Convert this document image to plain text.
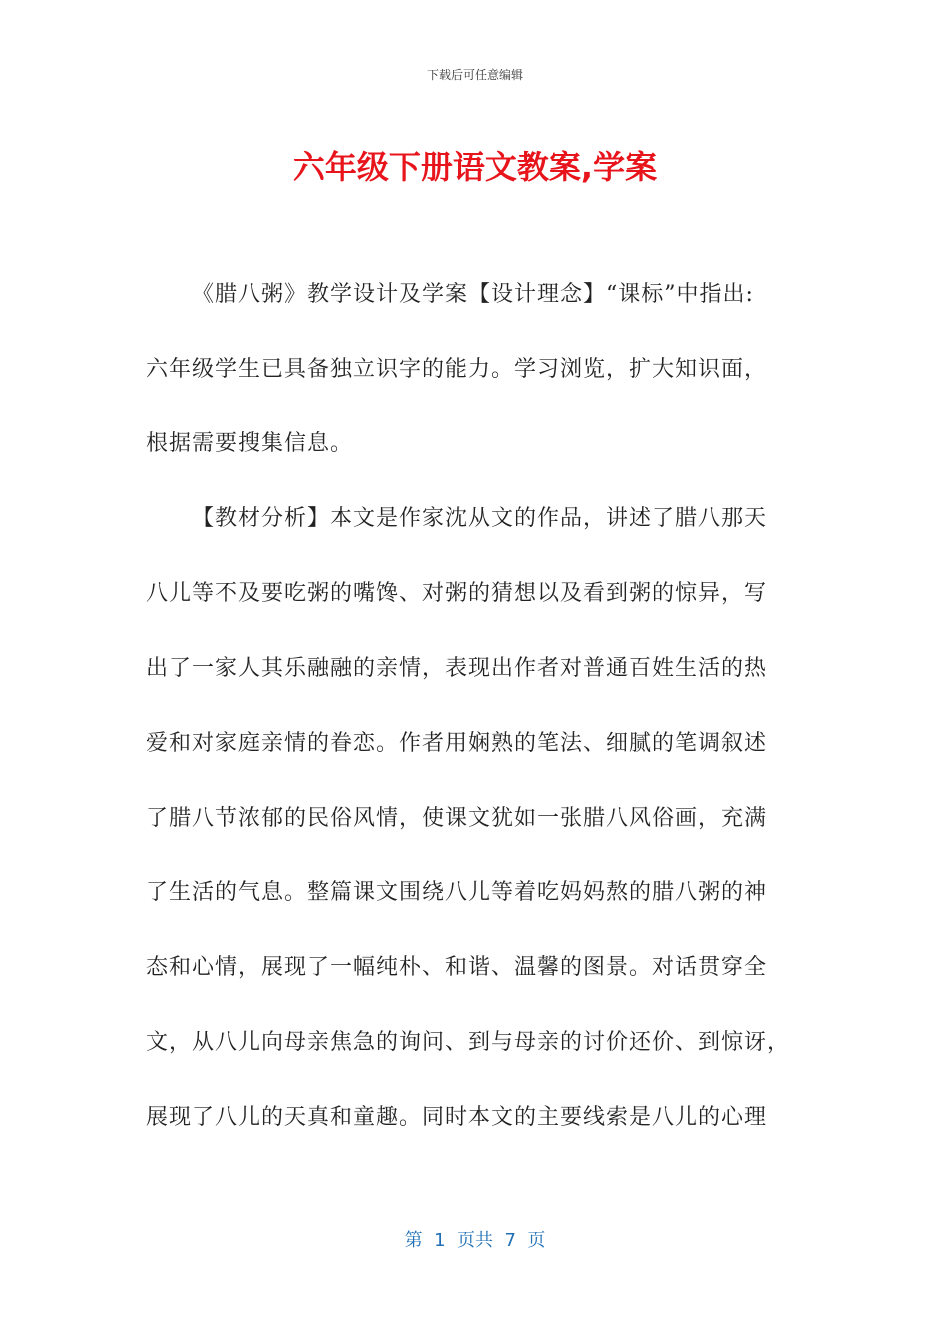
下载后可任意编辑
六年级下册语文教案,学案
《腊八粥》教学设计及学案【设计理念】“课标”中指出:
六年级学生已具备独立识字的能力。学习浏览，扩大知识面，
根据需要搜集信息。
【教材分析】本文是作家沈从文的作品，讲述了腊八那天
八儿等不及要吃粥的嘴馋、对粥的猜想以及看到粥的惊异，写
出了一家人其乐融融的亲情，表现出作者对普通百姓生活的热
爱和对家庭亲情的眷恋。作者用娴熟的笔法、细腻的笔调叙述
了腊八节浓郁的民俗风情，使课文犹如一张腊八风俗画，充满
了生活的气息。整篇课文围绕八儿等着吃妈妈熬的腊八粥的神
态和心情，展现了一幅纯朴、和谐、温馨的图景。对话贯穿全
文，从八儿向母亲焦急的询问、到与母亲的讨价还价、到惊讶，
展现了八儿的天真和童趣。同时本文的主要线索是八儿的心理
第  1  页共  7  页
